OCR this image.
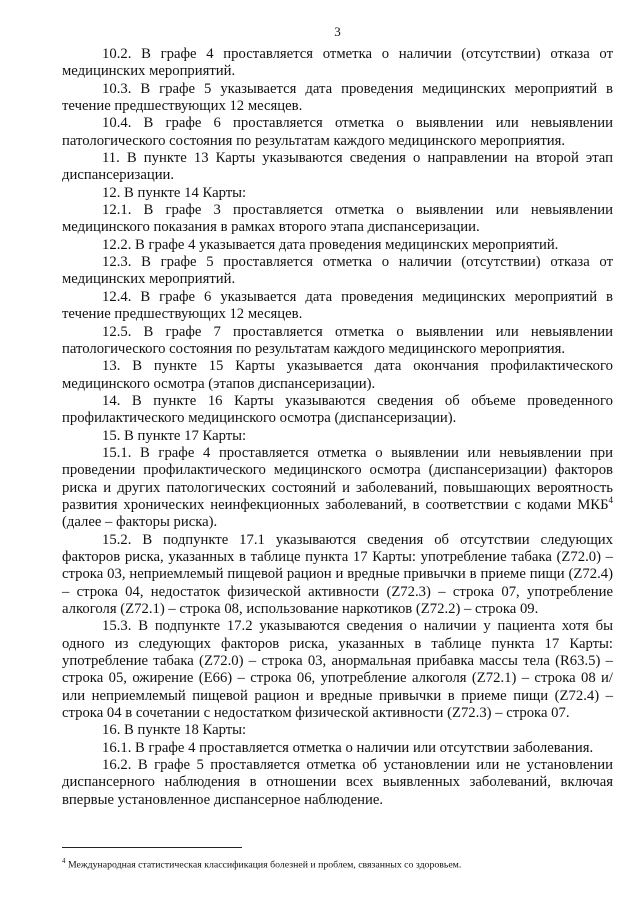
3

10.2. В графе 4 проставляется отметка о наличии (отсутствии) отказа от медицинских мероприятий.

10.3. В графе 5 указывается дата проведения медицинских мероприятий в течение предшествующих 12 месяцев.

10.4. В графе 6 проставляется отметка о выявлении или невыявлении патологического состояния по результатам каждого медицинского мероприятия.

11. В пункте 13 Карты указываются сведения о направлении на второй этап диспансеризации.

12. В пункте 14 Карты:

12.1. В графе 3 проставляется отметка о выявлении или невыявлении медицинского показания в рамках второго этапа диспансеризации.

12.2. В графе 4 указывается дата проведения медицинских мероприятий.

12.3. В графе 5 проставляется отметка о наличии (отсутствии) отказа от медицинских мероприятий.

12.4. В графе 6 указывается дата проведения медицинских мероприятий в течение предшествующих 12 месяцев.

12.5. В графе 7 проставляется отметка о выявлении или невыявлении патологического состояния по результатам каждого медицинского мероприятия.

13. В пункте 15 Карты указывается дата окончания профилактического медицинского осмотра (этапов диспансеризации).

14. В пункте 16 Карты указываются сведения об объеме проведенного профилактического медицинского осмотра (диспансеризации).

15. В пункте 17 Карты:

15.1. В графе 4 проставляется отметка о выявлении или невыявлении при проведении профилактического медицинского осмотра (диспансеризации) факторов риска и других патологических состояний и заболеваний, повышающих вероятность развития хронических неинфекционных заболеваний, в соответствии с кодами МКБ$^4$ (далее – факторы риска).

15.2. В подпункте 17.1 указываются сведения об отсутствии следующих факторов риска, указанных в таблице пункта 17 Карты: употребление табака (Z72.0) – строка 03, неприемлемый пищевой рацион и вредные привычки в приеме пищи (Z72.4) – строка 04, недостаток физической активности (Z72.3) – строка 07, употребление алкоголя (Z72.1) – строка 08, использование наркотиков (Z72.2) – строка 09.

15.3. В подпункте 17.2 указываются сведения о наличии у пациента хотя бы одного из следующих факторов риска, указанных в таблице пункта 17 Карты: употребление табака (Z72.0) – строка 03, анормальная прибавка массы тела (R63.5) – строка 05, ожирение (Е66) – строка 06, употребление алкоголя (Z72.1) – строка 08 и/или неприемлемый пищевой рацион и вредные привычки в приеме пищи (Z72.4) – строка 04 в сочетании с недостатком физической активности (Z72.3) – строка 07.

16. В пункте 18 Карты:

16.1. В графе 4 проставляется отметка о наличии или отсутствии заболевания.

16.2. В графе 5 проставляется отметка об установлении или не установлении диспансерного наблюдения в отношении всех выявленных заболеваний, включая впервые установленное диспансерное наблюдение.

$^4$ Международная статистическая классификация болезней и проблем, связанных со здоровьем.
